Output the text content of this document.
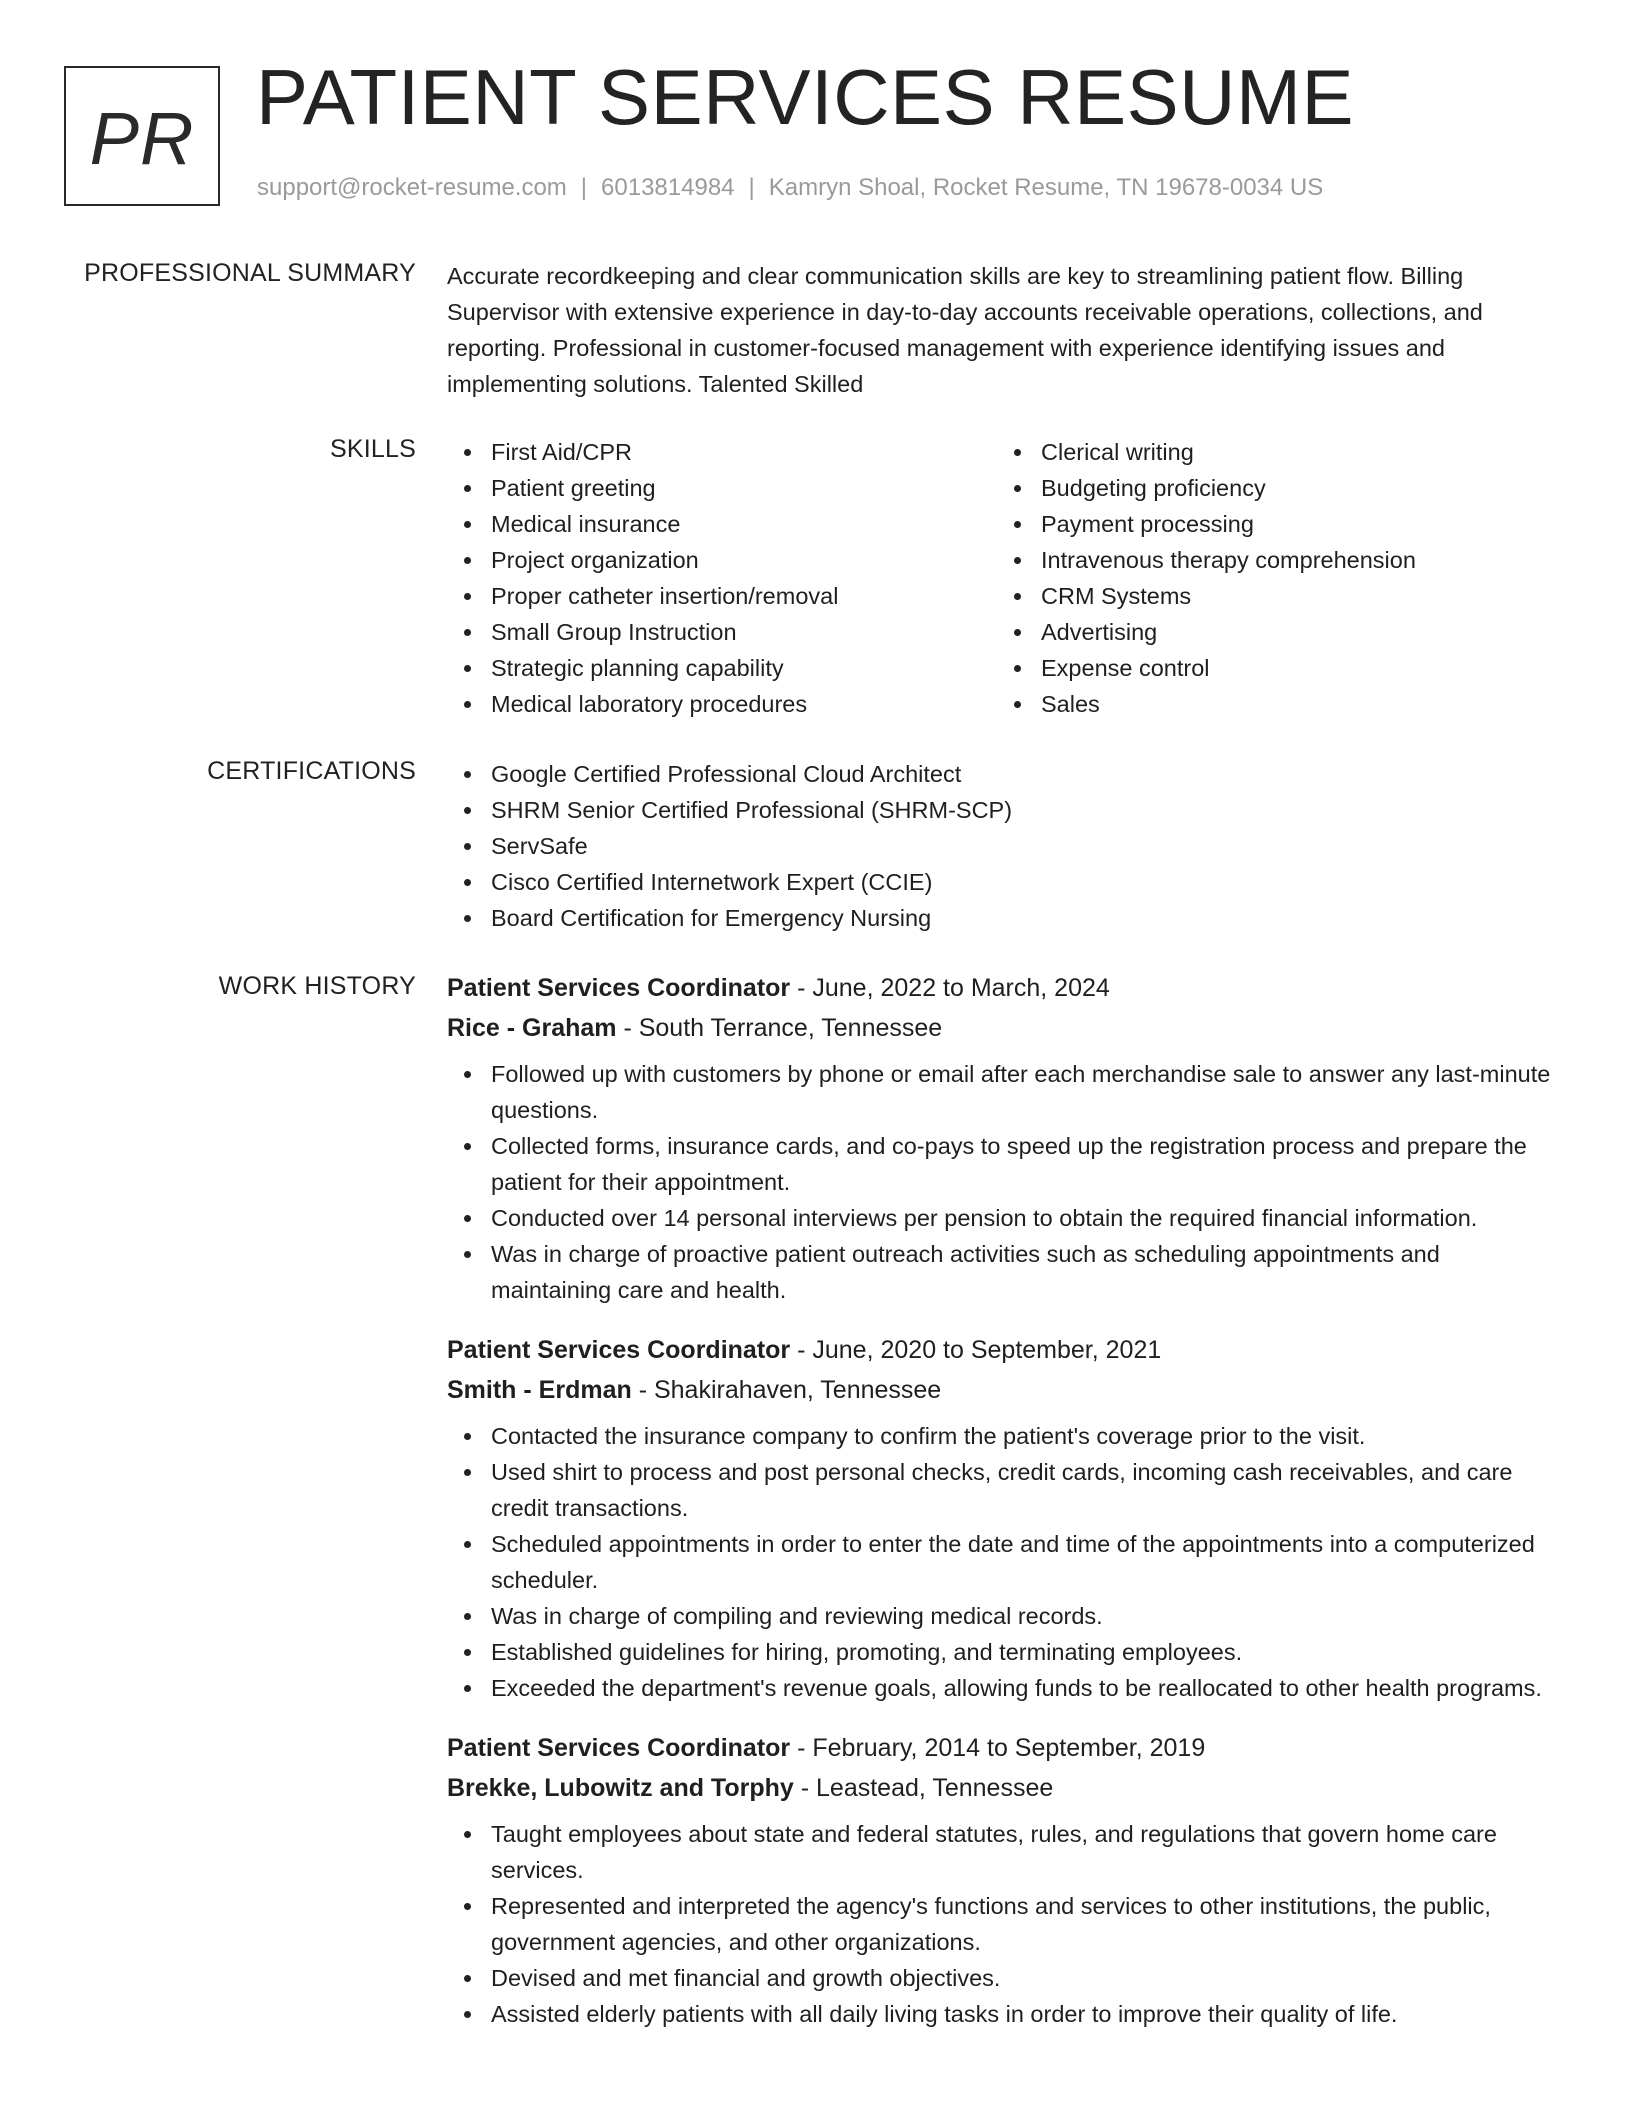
PR PATIENT SERVICES RESUME
support@rocket-resume.com | 6013814984 | Kamryn Shoal, Rocket Resume, TN 19678-0034 US
PROFESSIONAL SUMMARY Accurate recordkeeping and clear communication skills are key to streamlining patient flow. Billing Supervisor with extensive experience in day-to-day accounts receivable operations, collections, and reporting. Professional in customer-focused management with experience identifying issues and implementing solutions. Talented Skilled

SKILLS	First Aid/CPR
Patient greeting
Medical insurance
Project organization
Proper catheter insertion/removal
Small Group Instruction
Strategic planning capability
Medical laboratory procedures
Clerical writing
Budgeting proficiency
Payment processing
Intravenous therapy comprehension
CRM Systems
Advertising
Expense control
Sales
CERTIFICATIONS	Google Certified Professional Cloud Architect
SHRM Senior Certified Professional (SHRM-SCP)
ServSafe
Cisco Certified Internetwork Expert (CCIE)
Board Certification for Emergency Nursing
WORK HISTORY Patient Services Coordinator - June, 2022 to March, 2024
Rice - Graham - South Terrance, Tennessee
Followed up with customers by phone or email after each merchandise sale to answer any last-minute questions.
Collected forms, insurance cards, and co-pays to speed up the registration process and prepare the patient for their appointment.
Conducted over 14 personal interviews per pension to obtain the required financial information.
Was in charge of proactive patient outreach activities such as scheduling appointments and maintaining care and health.
Patient Services Coordinator - June, 2020 to September, 2021
Smith - Erdman - Shakirahaven, Tennessee
Contacted the insurance company to confirm the patient's coverage prior to the visit.
Used shirt to process and post personal checks, credit cards, incoming cash receivables, and care credit transactions.
Scheduled appointments in order to enter the date and time of the appointments into a computerized scheduler.
Was in charge of compiling and reviewing medical records.
Established guidelines for hiring, promoting, and terminating employees.
Exceeded the department's revenue goals, allowing funds to be reallocated to other health programs.
Patient Services Coordinator - February, 2014 to September, 2019
Brekke, Lubowitz and Torphy - Leastead, Tennessee
Taught employees about state and federal statutes, rules, and regulations that govern home care services.
Represented and interpreted the agency's functions and services to other institutions, the public, government agencies, and other organizations.
Devised and met financial and growth objectives.
Assisted elderly patients with all daily living tasks in order to improve their quality of life.
